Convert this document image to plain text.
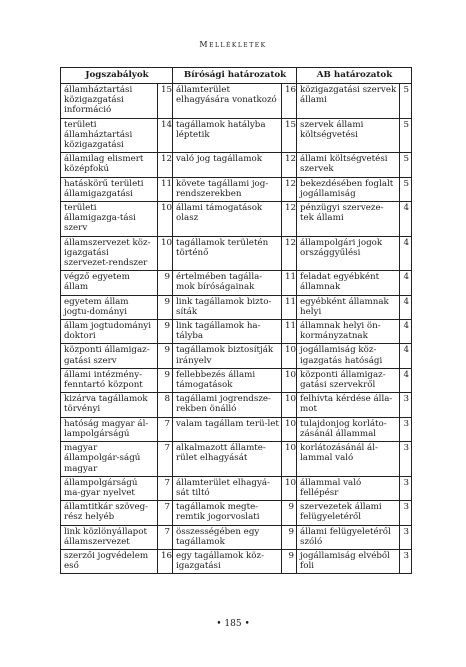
Mellékletek
Jogszabályok		Bírósági határozatok		AB határozatok	
államháztartási közigazgatási információ	15	államterület elhagyására vonatkozó	16	közigazgatási szervek állami	5
területi államháztartási közigazgatási	14	tagállamok hatályba léptetik	15	szervek állami költségvetési	5
államilag elismert középfokú	12	való jog tagállamok	12	állami költségvetési szervek	5
hatáskörű területi államigazgatási	11	követe tagállami jog-rendszerekben	12	bekezdésében foglalt jogállamiság	5
területi államigazga-tási szerv	10	állami támogatások olasz	12	pénzügyi szerveze-tek állami	4
államszervezet köz-igazgatási szervezet-rendszer	10	tagállamok területén történő	12	állampolgári jogok országgyűlési	4
végző egyetem állam	9	értelmében tagálla-mok bíróságainak	11	feladat egyébként államnak	4
egyetem állam jogtu-dományi	9	link tagállamok bizto-síták	11	egyébként államnak helyi	4
állam jogtudományi doktori	9	link tagállamok ha-tályba	11	államnak helyi ön-kormányzatnak	4
központi államigaz-gatási szerv	9	tagállamok biztosítják irányelv	10	jogállamiság köz-igazgatás hatósági	4
állami intézmény-fenntartó központ	9	fellebbezés állami támogatások	10	központi államigaz-gatási szervekről	4
kizárva tagállamok törvényi	8	tagállami jogrendsze-rekben önálló	10	felhívta kérdése álla-mot	3
hatóság magyar ál-lampolgárságú	7	valam tagállam terü-let	10	tulajdonjog korláto-zásánál állammal	3
magyar állampolgár-ságú magyar	7	alkalmazott államte-rület elhagyását	10	korlátozásánál ál-lammal való	3
állampolgárságú ma-gyar nyelvet	7	államterület elhagyá-sát tiltó	10	állammal való fellépésr	3
államtitkár szöveg-rész helyéb	7	tagállamok megte-remtik jogorvoslati	9	szervezetek állami felügyeletéről	3
link közlönyállapot államszervezet	7	összességében egy tagállamok	9	állami felügyeletéről szóló	3
szerzői jogvédelem eső	16	egy tagállamok köz-igazgatási	9	jogállamiság elvéből foli	3
• 185 •
